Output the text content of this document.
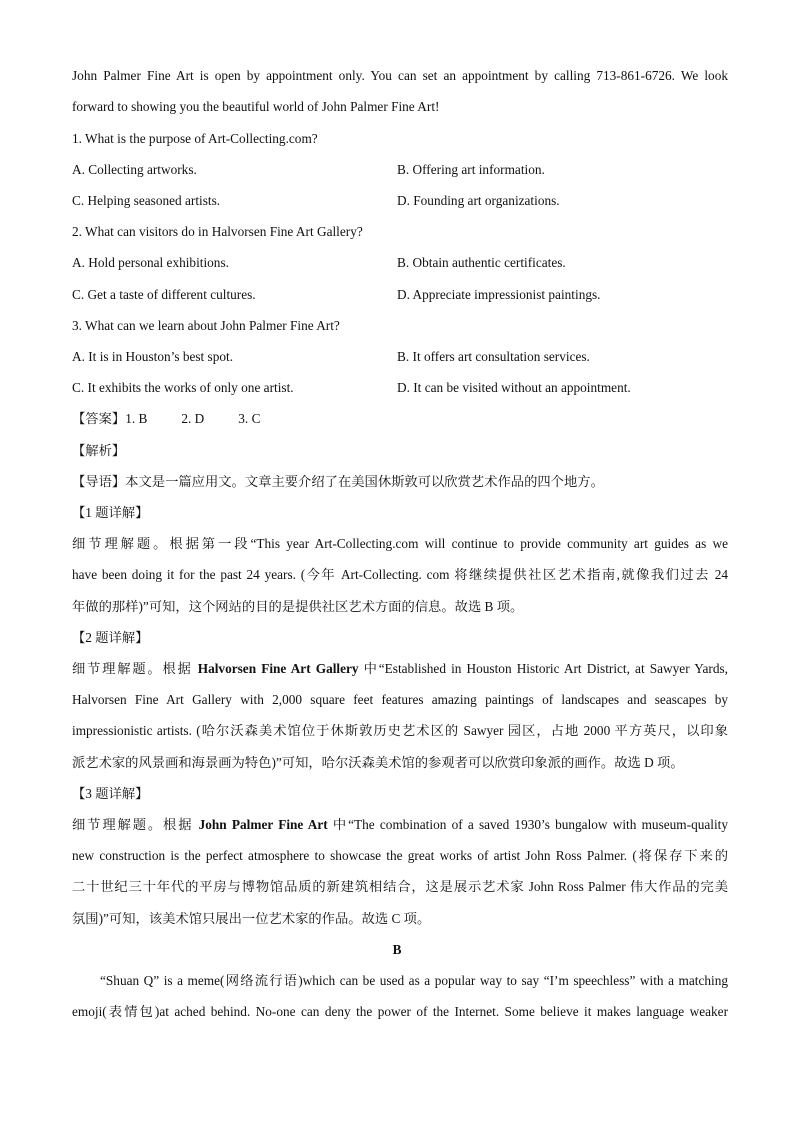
John Palmer Fine Art is open by appointment only. You can set an appointment by calling 713-861-6726. We look
forward to showing you the beautiful world of John Palmer Fine Art!
1. What is the purpose of Art-Collecting.com?
A. Collecting artworks.	B. Offering art information.
C. Helping seasoned artists.	D. Founding art organizations.
2. What can visitors do in Halvorsen Fine Art Gallery?
A. Hold personal exhibitions.	B. Obtain authentic certificates.
C. Get a taste of different cultures.	D. Appreciate impressionist paintings.
3. What can we learn about John Palmer Fine Art?
A. It is in Houston’s best spot.	B. It offers art consultation services.
C. It exhibits the works of only one artist.	D. It can be visited without an appointment.
【答案】1. B	2. D	3. C
【解析】
【导语】本文是一篇应用文。文章主要介绍了在美国休斯敦可以欣赏艺术作品的四个地方。
【1 题详解】
细节理解题。根据第一段“This year Art-Collecting.com will continue to provide community art guides as we
have been doing it for the past 24 years. (今年 Art-Collecting. com 将继续提供社区艺术指南,就像我们过去 24
年做的那样)”可知，这个网站的目的是提供社区艺术方面的信息。故选 B 项。
【2 题详解】
细节理解题。根据 Halvorsen Fine Art Gallery 中“Established in Houston Historic Art District, at Sawyer Yards,
Halvorsen Fine Art Gallery with 2,000 square feet features amazing paintings of landscapes and seascapes by
impressionistic artists. (哈尔沃森美术馆位于休斯敦历史艺术区的 Sawyer 园区，占地 2000 平方英尺，以印象
派艺术家的风景画和海景画为特色)”可知，哈尔沃森美术馆的参观者可以欣赏印象派的画作。故选 D 项。
【3 题详解】
细节理解题。根据 John Palmer Fine Art 中“The combination of a saved 1930’s bungalow with museum-quality
new construction is the perfect atmosphere to showcase the great works of artist John Ross Palmer. (将保存下来的
二十世纪三十年代的平房与博物馆品质的新建筑相结合，这是展示艺术家 John Ross Palmer 伟大作品的完美
氛围)”可知，该美术馆只展出一位艺术家的作品。故选 C 项。
B
“Shuan Q” is a meme(网络流行语)which can be used as a popular way to say “I’m speechless” with a matching
emoji(表情包)at ached behind. No-one can deny the power of the Internet. Some believe it makes language weaker
